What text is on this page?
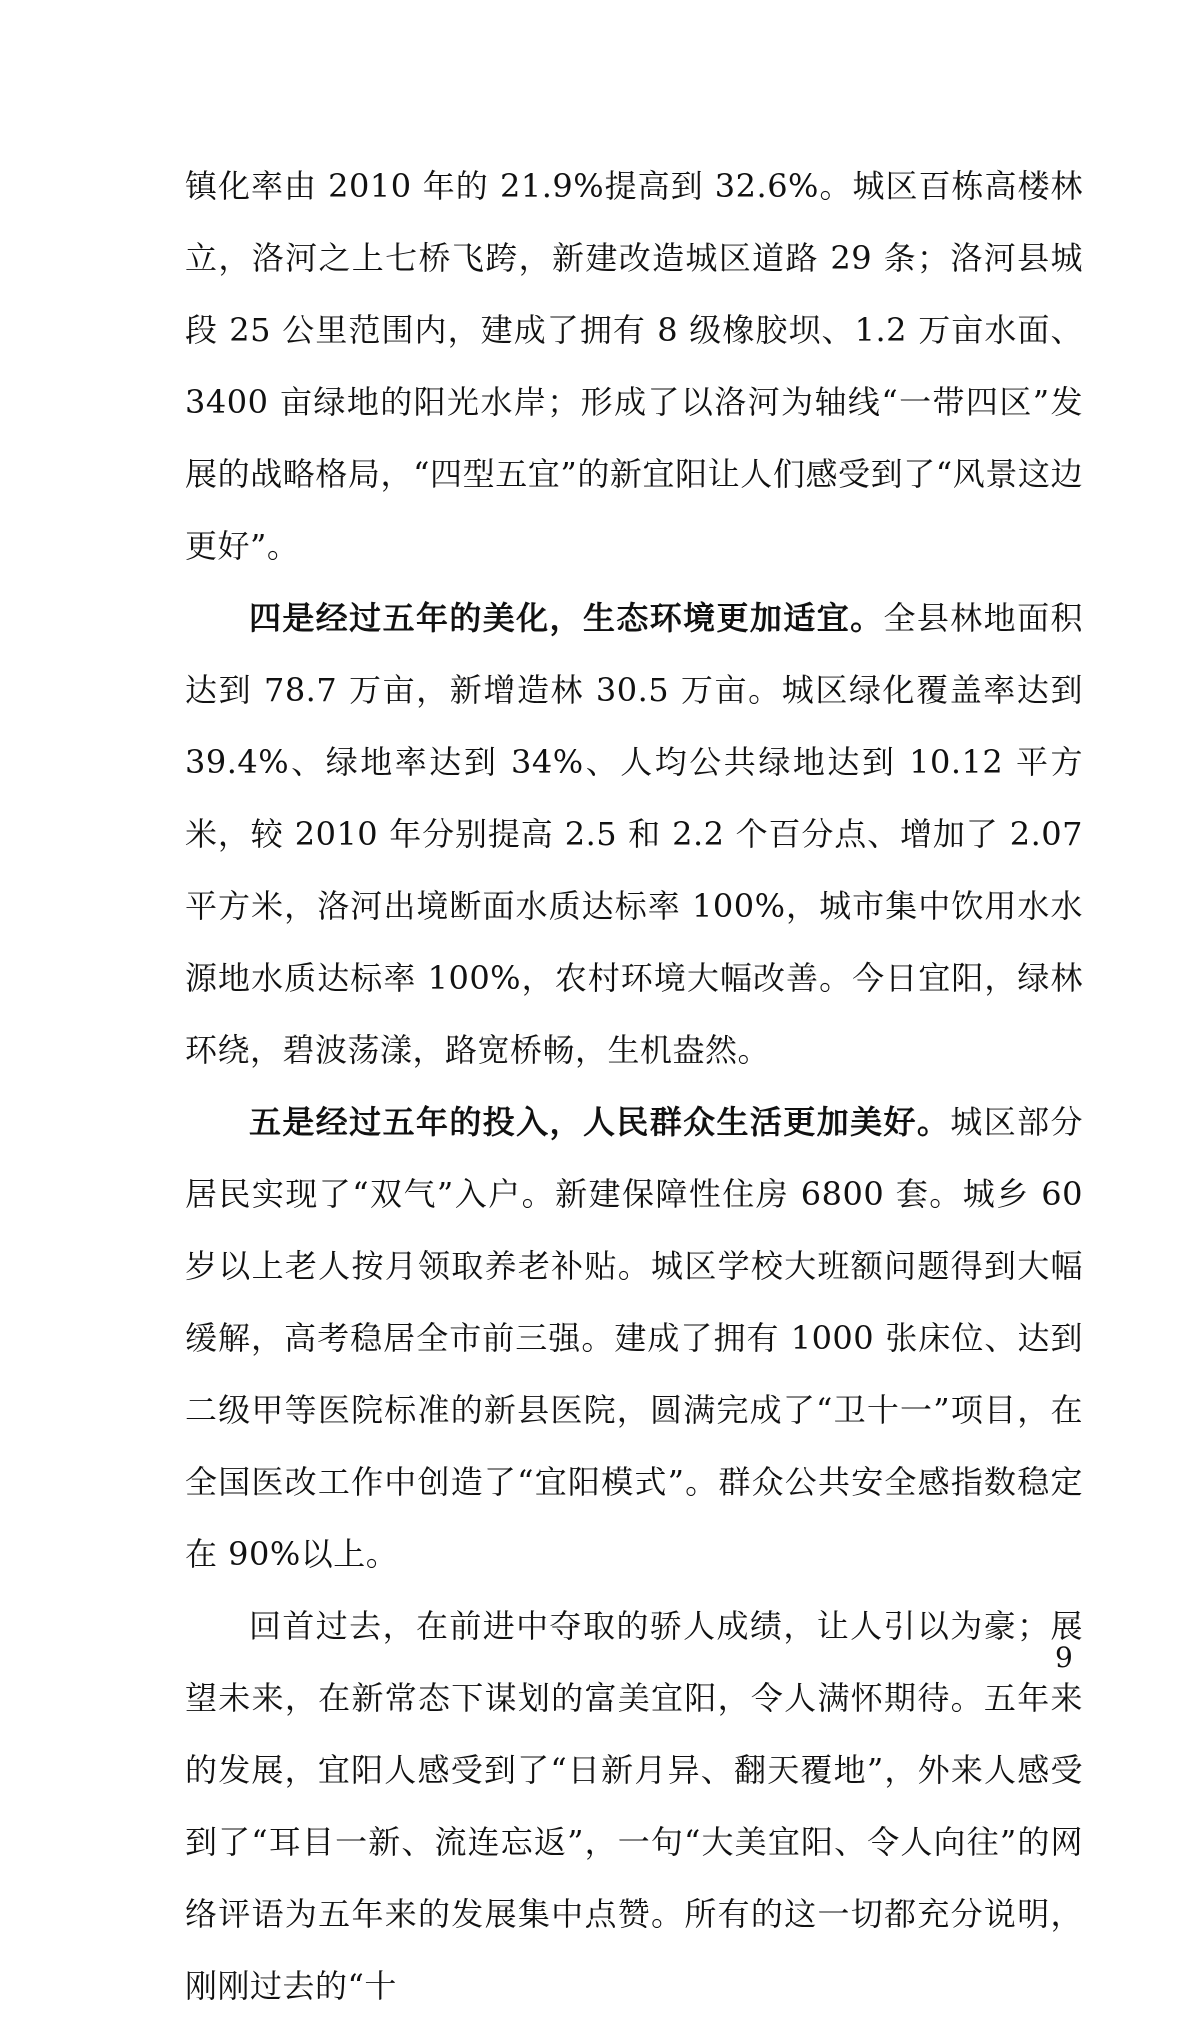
镇化率由 2010 年的 21.9%提高到 32.6%。城区百栋高楼林立，洛河之上七桥飞跨，新建改造城区道路 29 条；洛河县城段 25 公里范围内，建成了拥有 8 级橡胶坝、1.2 万亩水面、3400 亩绿地的阳光水岸；形成了以洛河为轴线“一带四区”发展的战略格局，“四型五宜”的新宜阳让人们感受到了“风景这边更好”。

四是经过五年的美化，生态环境更加适宜。全县林地面积达到 78.7 万亩，新增造林 30.5 万亩。城区绿化覆盖率达到 39.4%、绿地率达到 34%、人均公共绿地达到 10.12 平方米，较 2010 年分别提高 2.5 和 2.2 个百分点、增加了 2.07 平方米，洛河出境断面水质达标率 100%，城市集中饮用水水源地水质达标率 100%，农村环境大幅改善。今日宜阳，绿林环绕，碧波荡漾，路宽桥畅，生机盎然。

五是经过五年的投入，人民群众生活更加美好。城区部分居民实现了“双气”入户。新建保障性住房 6800 套。城乡 60 岁以上老人按月领取养老补贴。城区学校大班额问题得到大幅缓解，高考稳居全市前三强。建成了拥有 1000 张床位、达到二级甲等医院标准的新县医院，圆满完成了“卫十一”项目，在全国医改工作中创造了“宜阳模式”。群众公共安全感指数稳定在 90%以上。

回首过去，在前进中夺取的骄人成绩，让人引以为豪；展望未来，在新常态下谋划的富美宜阳，令人满怀期待。五年来的发展，宜阳人感受到了“日新月异、翻天覆地”，外来人感受到了“耳目一新、流连忘返”，一句“大美宜阳、令人向往”的网络评语为五年来的发展集中点赞。所有的这一切都充分说明，刚刚过去的“十

9
